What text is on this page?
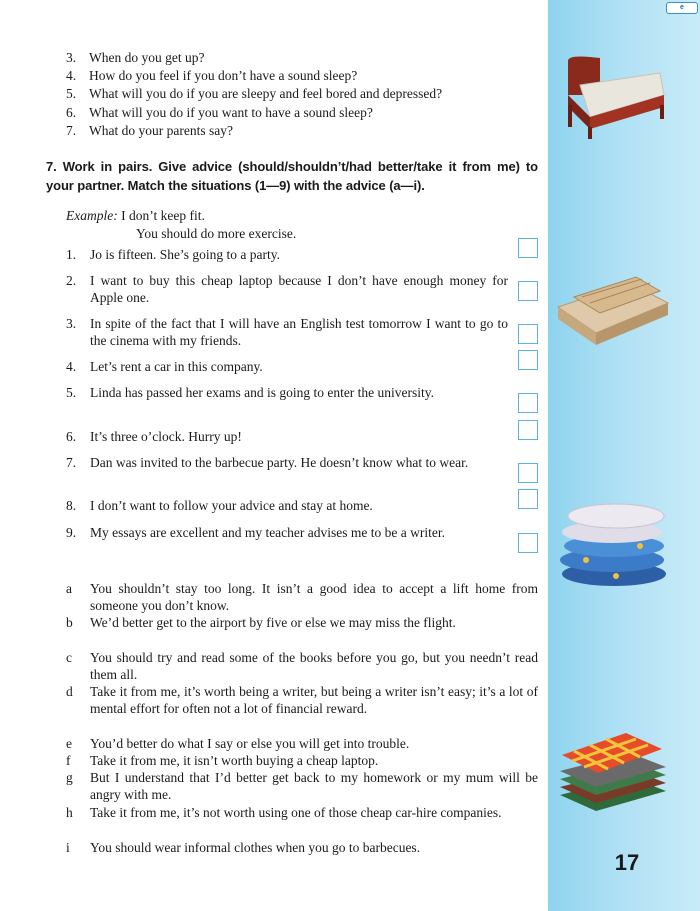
e
3. When do you get up?
4. How do you feel if you don’t have a sound sleep?
5. What will you do if you are sleepy and feel bored and depressed?
6. What will you do if you want to have a sound sleep?
7. What do your parents say?
7. Work in pairs. Give advice (should/shouldn’t/had better/take it from me) to your partner. Match the situations (1—9) with the advice (a—i).
Example: I don’t keep fit.
You should do more exercise.
1.	Jo is fifteen. She’s going to a party.
2.	I want to buy this cheap laptop because I don’t have enough money for Apple one.
3.	In spite of the fact that I will have an English test tomorrow I want to go to the cinema with my friends.
4.	Let’s rent a car in this company.
5.	Linda has passed her exams and is going to enter the university.
6.	It’s three o’clock. Hurry up!
7.	Dan was invited to the barbecue party. He doesn’t know what to wear.
8.	I don’t want to follow your advice and stay at home.
9.	My essays are excellent and my teacher advises me to be a writer.
a	You shouldn’t stay too long. It isn’t a good idea to accept a lift home from someone you don’t know.
b	We’d better get to the airport by five or else we may miss the flight.
c	You should try and read some of the books before you go, but you needn’t read them all.
d	Take it from me, it’s worth being a writer, but being a writer isn’t easy; it’s a lot of mental effort for often not a lot of financial reward.
e	You’d better do what I say or else you will get into trouble.
f	Take it from me, it isn’t worth buying a cheap laptop.
g	But I understand that I’d better get back to my homework or my mum will be angry with me.
h	Take it from me, it’s not worth using one of those cheap car-hire companies.
i	You should wear informal clothes when you go to barbecues.
17
